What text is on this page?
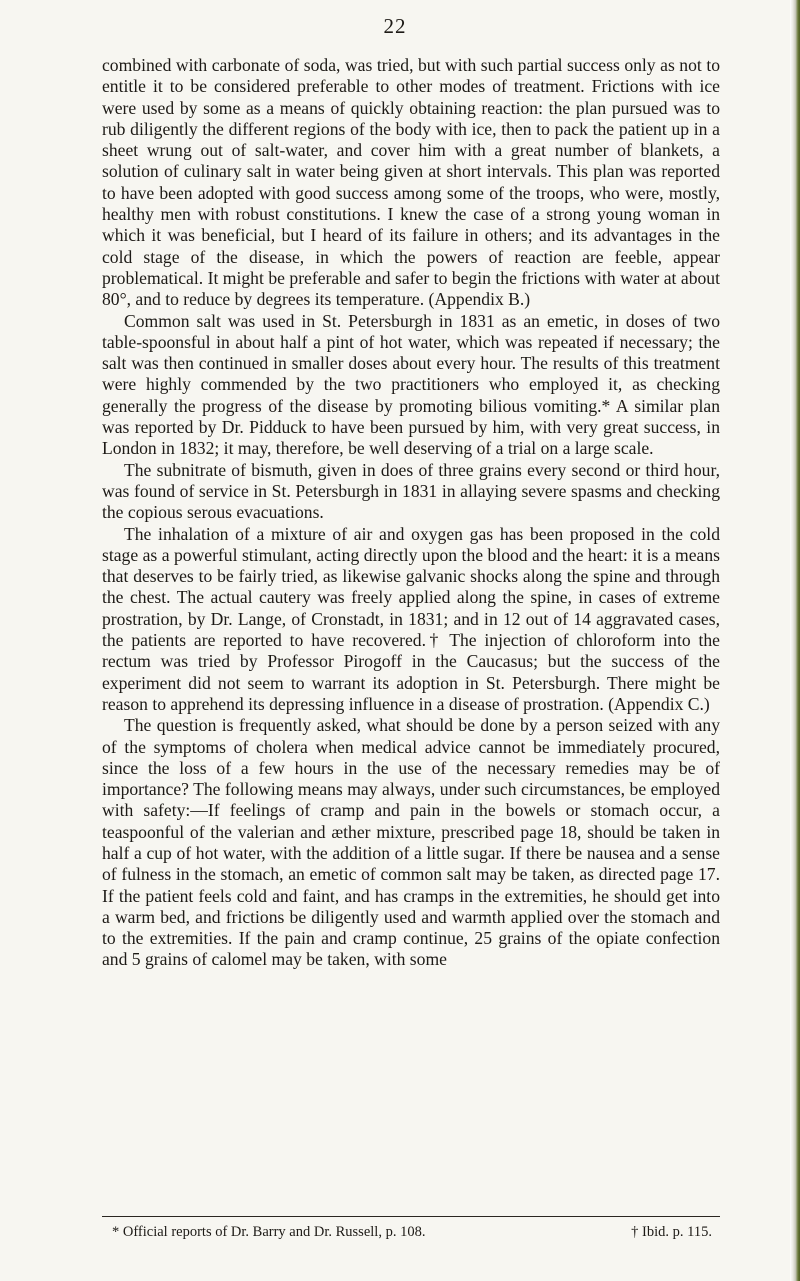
22

combined with carbonate of soda, was tried, but with such partial success only as not to entitle it to be considered preferable to other modes of treatment. Frictions with ice were used by some as a means of quickly obtaining reaction: the plan pursued was to rub diligently the different regions of the body with ice, then to pack the patient up in a sheet wrung out of salt-water, and cover him with a great number of blankets, a solution of culinary salt in water being given at short intervals. This plan was reported to have been adopted with good success among some of the troops, who were, mostly, healthy men with robust constitutions. I knew the case of a strong young woman in which it was beneficial, but I heard of its failure in others; and its advantages in the cold stage of the disease, in which the powers of reaction are feeble, appear problematical. It might be preferable and safer to begin the frictions with water at about 80°, and to reduce by degrees its temperature. (Appendix B.)

Common salt was used in St. Petersburgh in 1831 as an emetic, in doses of two table-spoonsful in about half a pint of hot water, which was repeated if necessary; the salt was then continued in smaller doses about every hour. The results of this treatment were highly commended by the two practitioners who employed it, as checking generally the progress of the disease by promoting bilious vomiting.* A similar plan was reported by Dr. Pidduck to have been pursued by him, with very great success, in London in 1832; it may, therefore, be well deserving of a trial on a large scale.

The subnitrate of bismuth, given in does of three grains every second or third hour, was found of service in St. Petersburgh in 1831 in allaying severe spasms and checking the copious serous evacuations.

The inhalation of a mixture of air and oxygen gas has been proposed in the cold stage as a powerful stimulant, acting directly upon the blood and the heart: it is a means that deserves to be fairly tried, as likewise galvanic shocks along the spine and through the chest. The actual cautery was freely applied along the spine, in cases of extreme prostration, by Dr. Lange, of Cronstadt, in 1831; and in 12 out of 14 aggravated cases, the patients are reported to have recovered.† The injection of chloroform into the rectum was tried by Professor Pirogoff in the Caucasus; but the success of the experiment did not seem to warrant its adoption in St. Petersburgh. There might be reason to apprehend its depressing influence in a disease of prostration. (Appendix C.)

The question is frequently asked, what should be done by a person seized with any of the symptoms of cholera when medical advice cannot be immediately procured, since the loss of a few hours in the use of the necessary remedies may be of importance? The following means may always, under such circumstances, be employed with safety:—If feelings of cramp and pain in the bowels or stomach occur, a teaspoonful of the valerian and æther mixture, prescribed page 18, should be taken in half a cup of hot water, with the addition of a little sugar. If there be nausea and a sense of fulness in the stomach, an emetic of common salt may be taken, as directed page 17. If the patient feels cold and faint, and has cramps in the extremities, he should get into a warm bed, and frictions be diligently used and warmth applied over the stomach and to the extremities. If the pain and cramp continue, 25 grains of the opiate confection and 5 grains of calomel may be taken, with some

* Official reports of Dr. Barry and Dr. Russell, p. 108.	† Ibid. p. 115.
